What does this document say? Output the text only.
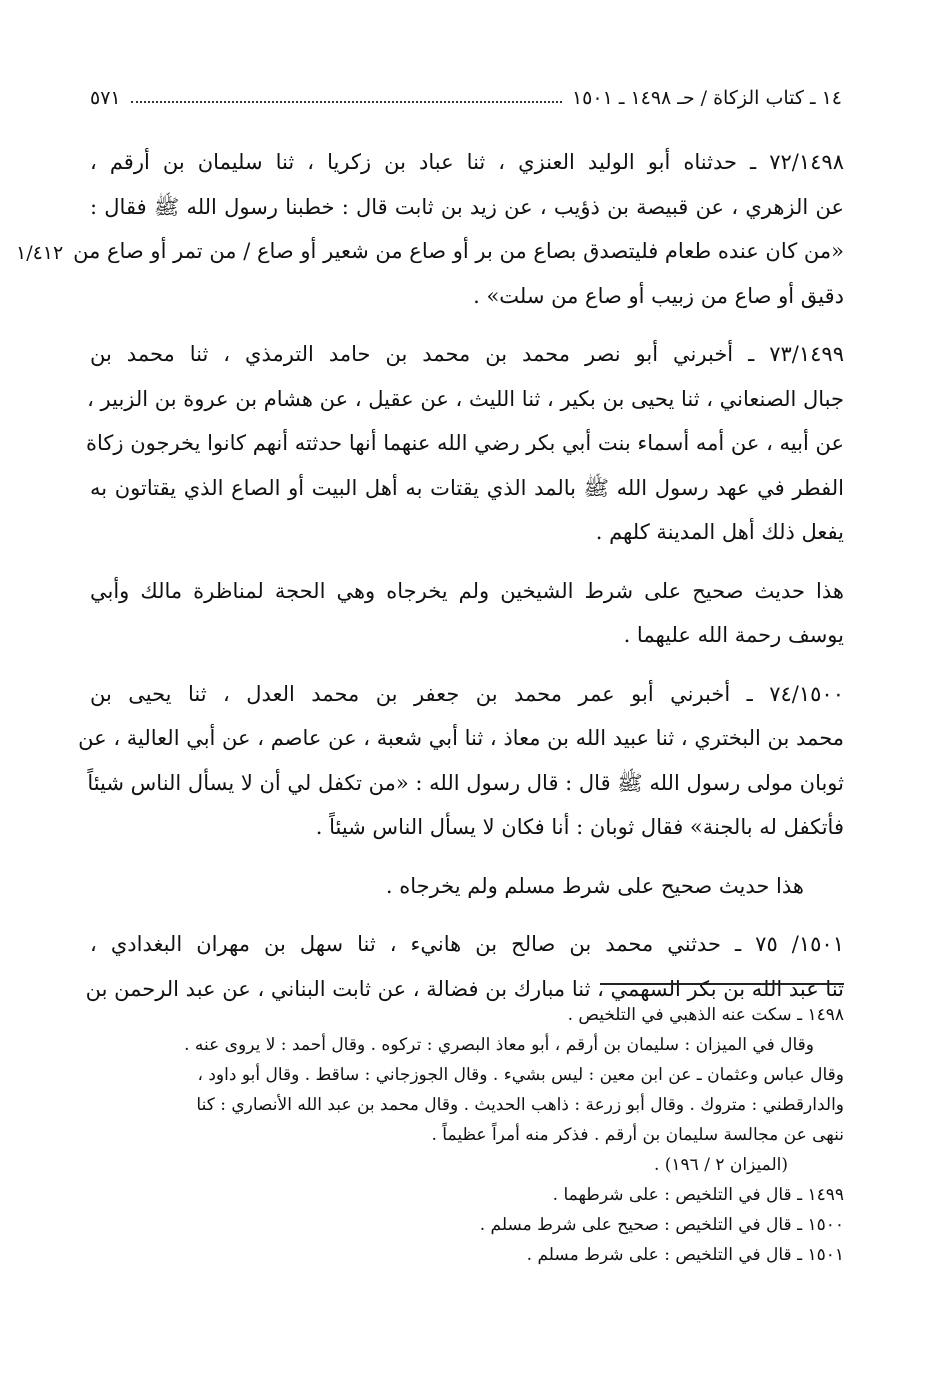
١٤ ـ كتاب الزكاة / حـ ١٤٩٨ ـ ١٥٠١
٥٧١
١/٤١٢

٧٢/١٤٩٨ ـ حدثناه أبو الوليد العنزي ، ثنا عباد بن زكريا ، ثنا سليمان بن أرقم ،
عن الزهري ، عن قبيصة بن ذؤيب ، عن زيد بن ثابت قال : خطبنا رسول الله ﷺ فقال :
«من كان عنده طعام فليتصدق بصاع من بر أو صاع من شعير أو صاع / من تمر أو صاع من
دقيق أو صاع من زبيب أو صاع من سلت» .

٧٣/١٤٩٩ ـ أخبرني أبو نصر محمد بن محمد بن حامد الترمذي ، ثنا محمد بن
جبال الصنعاني ، ثنا يحيى بن بكير ، ثنا الليث ، عن عقيل ، عن هشام بن عروة بن الزبير ،
عن أبيه ، عن أمه أسماء بنت أبي بكر رضي الله عنهما أنها حدثته أنهم كانوا يخرجون زكاة
الفطر في عهد رسول الله ﷺ بالمد الذي يقتات به أهل البيت أو الصاع الذي يقتاتون به
يفعل ذلك أهل المدينة كلهم .

هذا حديث صحيح على شرط الشيخين ولم يخرجاه وهي الحجة لمناظرة مالك وأبي
يوسف رحمة الله عليهما .

٧٤/١٥٠٠ ـ أخبرني أبو عمر محمد بن جعفر بن محمد العدل ، ثنا يحيى بن
محمد بن البختري ، ثنا عبيد الله بن معاذ ، ثنا أبي شعبة ، عن عاصم ، عن أبي العالية ، عن
ثوبان مولى رسول الله ﷺ قال : قال رسول الله : «من تكفل لي أن لا يسأل الناس شيئاً
فأتكفل له بالجنة» فقال ثوبان : أنا فكان لا يسأل الناس شيئاً .

هذا حديث صحيح على شرط مسلم ولم يخرجاه .

١٥٠١/ ٧٥ ـ حدثني محمد بن صالح بن هانيء ، ثنا سهل بن مهران البغدادي ،
ثنا عبد الله بن بكر السهمي ، ثنا مبارك بن فضالة ، عن ثابت البناني ، عن عبد الرحمن بن

١٤٩٨ ـ سكت عنه الذهبي في التلخيص .
وقال في الميزان : سليمان بن أرقم ، أبو معاذ البصري : تركوه . وقال أحمد : لا يروى عنه .
وقال عباس وعثمان ـ عن ابن معين : ليس بشيء . وقال الجوزجاني : ساقط . وقال أبو داود ،
والدارقطني : متروك . وقال أبو زرعة : ذاهب الحديث . وقال محمد بن عبد الله الأنصاري : كنا
ننهى عن مجالسة سليمان بن أرقم . فذكر منه أمراً عظيماً .
(الميزان ٢ / ١٩٦) .
١٤٩٩ ـ قال في التلخيص : على شرطهما .
١٥٠٠ ـ قال في التلخيص : صحيح على شرط مسلم .
١٥٠١ ـ قال في التلخيص : على شرط مسلم .
